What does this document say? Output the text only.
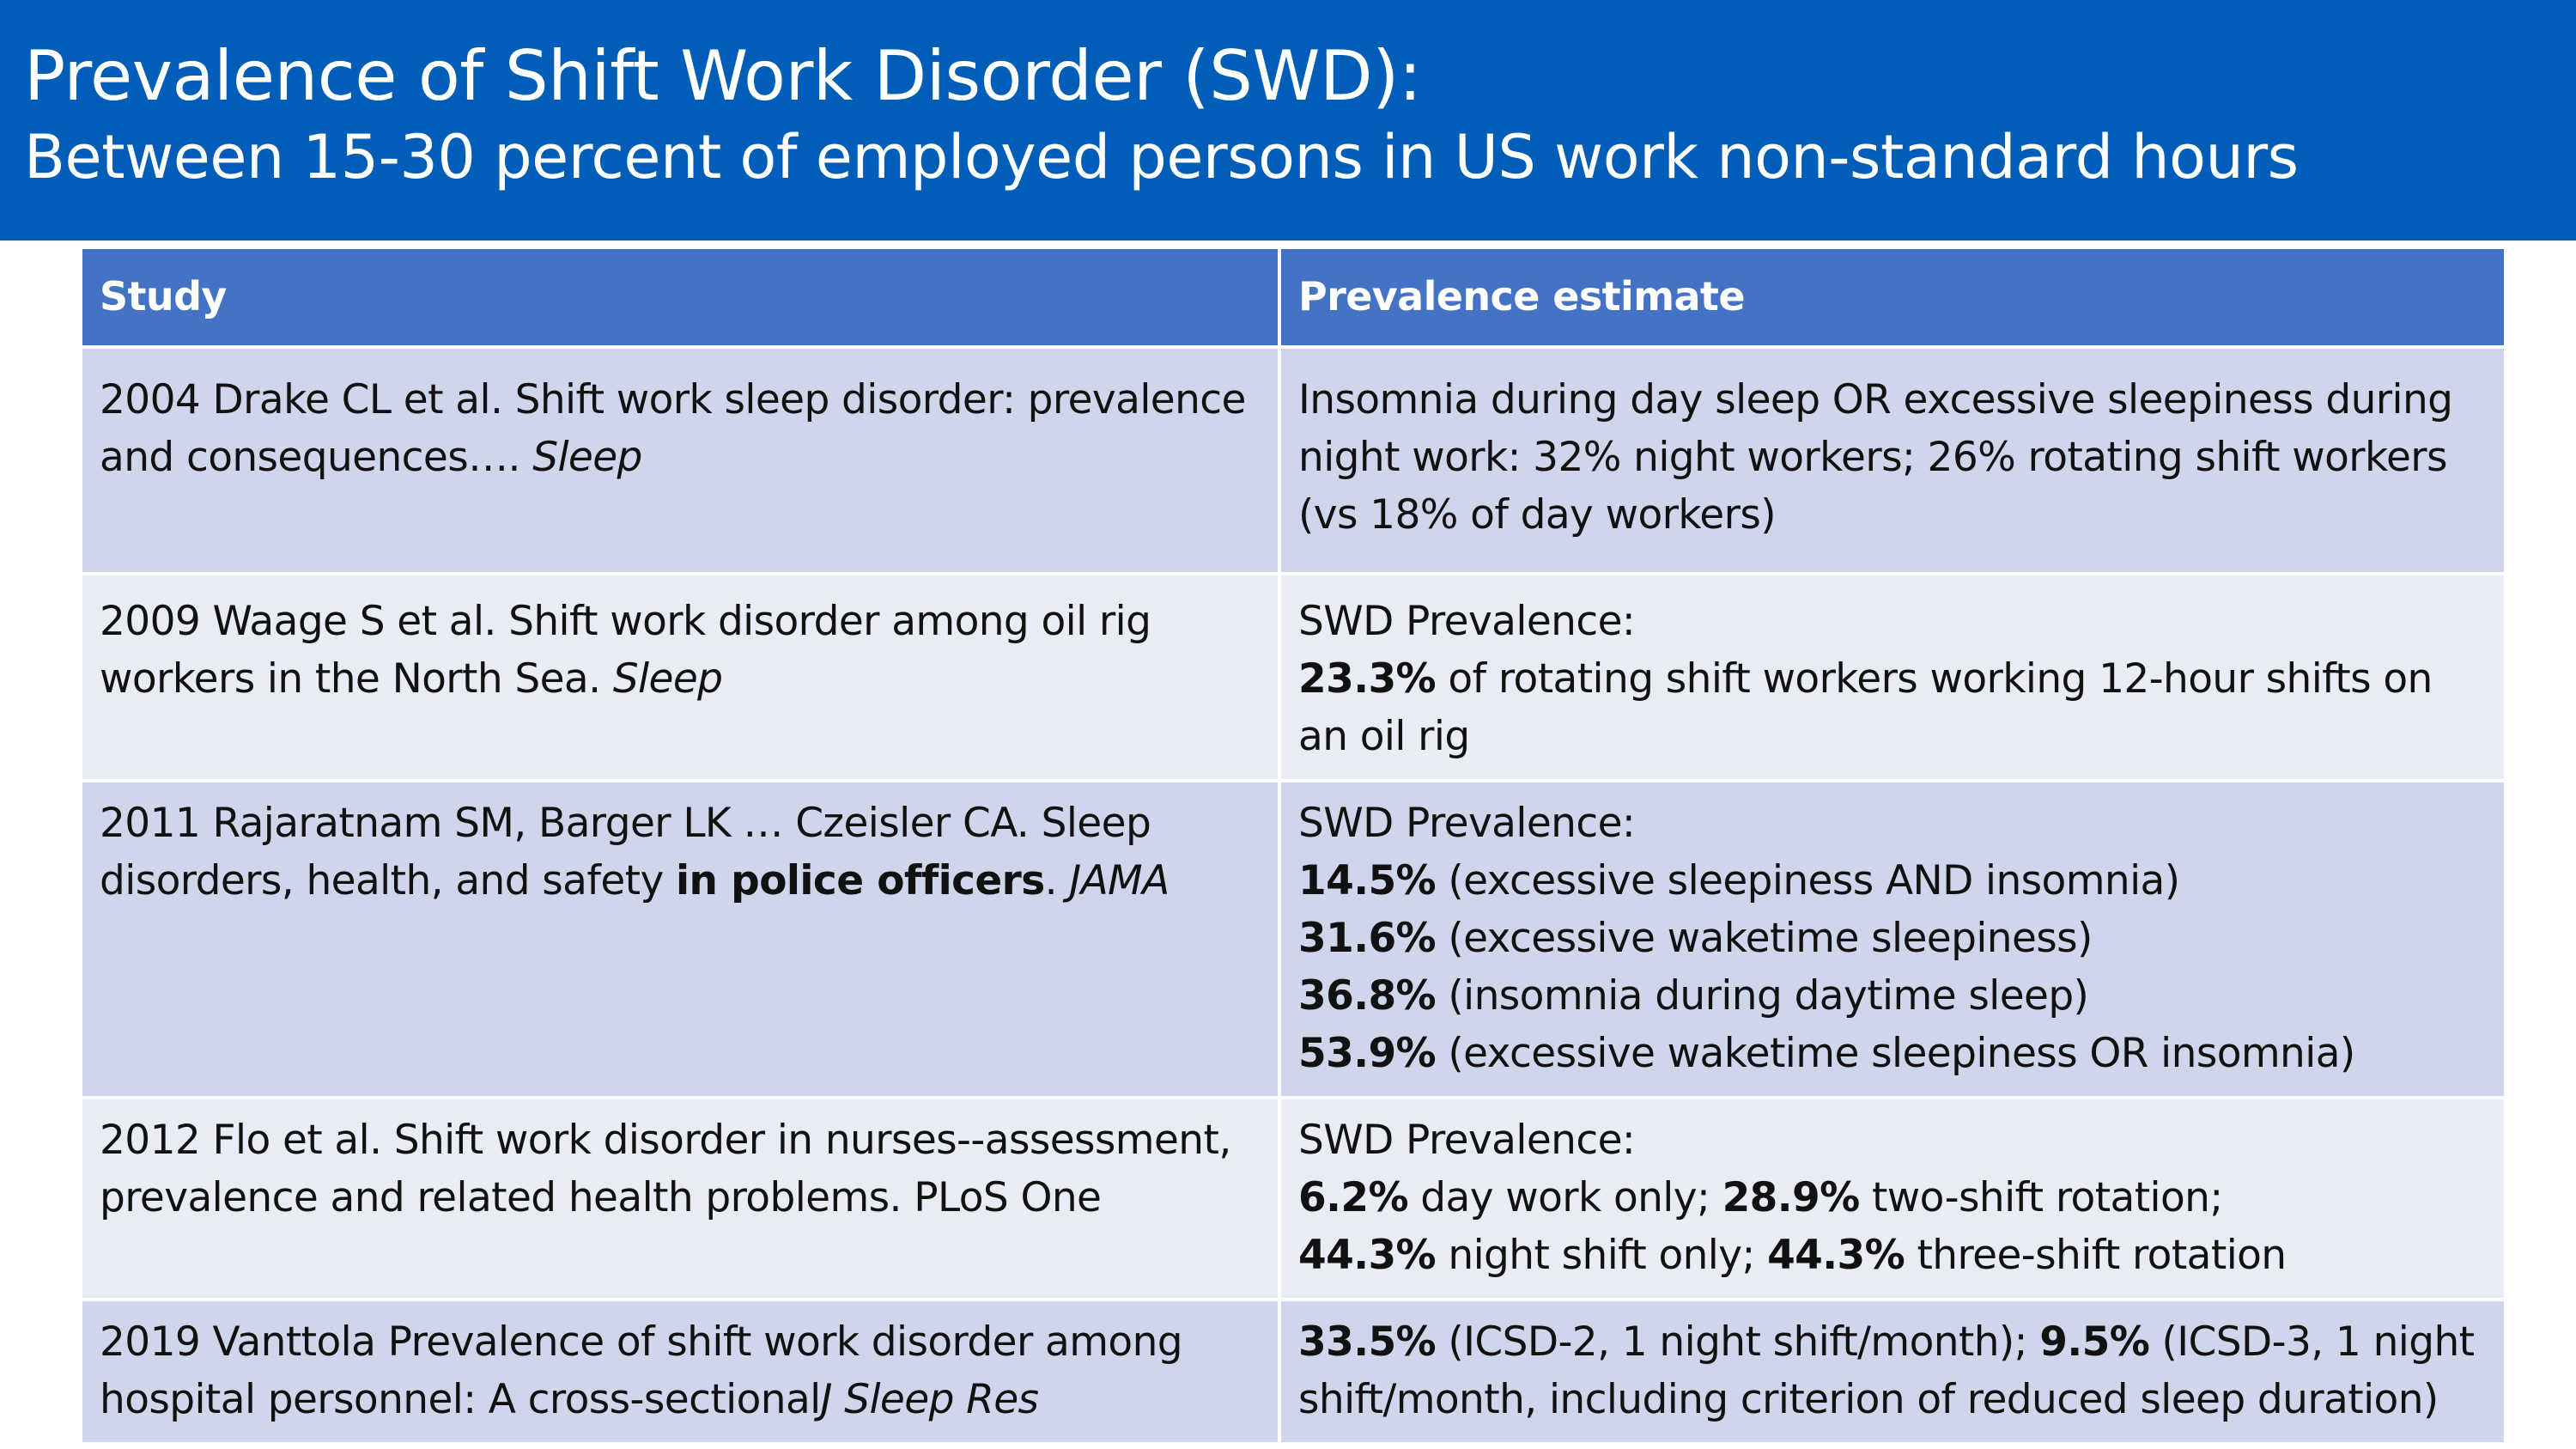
Prevalence of Shift Work Disorder (SWD):
Between 15-30 percent of employed persons in US work non-standard hours
Study	Prevalence estimate
2004 Drake CL et al. Shift work sleep disorder: prevalence and consequences…. Sleep	Insomnia during day sleep OR excessive sleepiness during night work: 32% night workers; 26% rotating shift workers (vs 18% of day workers)
2009 Waage S et al. Shift work disorder among oil rig workers in the North Sea. Sleep	SWD Prevalence:
23.3% of rotating shift workers working 12-hour shifts on an oil rig
2011 Rajaratnam SM, Barger LK … Czeisler CA. Sleep disorders, health, and safety in police officers. JAMA	SWD Prevalence:
14.5% (excessive sleepiness AND insomnia)
31.6% (excessive waketime sleepiness)
36.8% (insomnia during daytime sleep)
53.9% (excessive waketime sleepiness OR insomnia)

2012 Flo et al. Shift work disorder in nurses--assessment, prevalence and related health problems. PLoS One	SWD Prevalence:
6.2% day work only; 28.9% two-shift rotation;
44.3% night shift only; 44.3% three-shift rotation

2019 Vanttola Prevalence of shift work disorder among hospital personnel: A cross-sectionalJ Sleep Res	33.5% (ICSD-2, 1 night shift/month); 9.5% (ICSD-3, 1 night shift/month, including criterion of reduced sleep duration)
